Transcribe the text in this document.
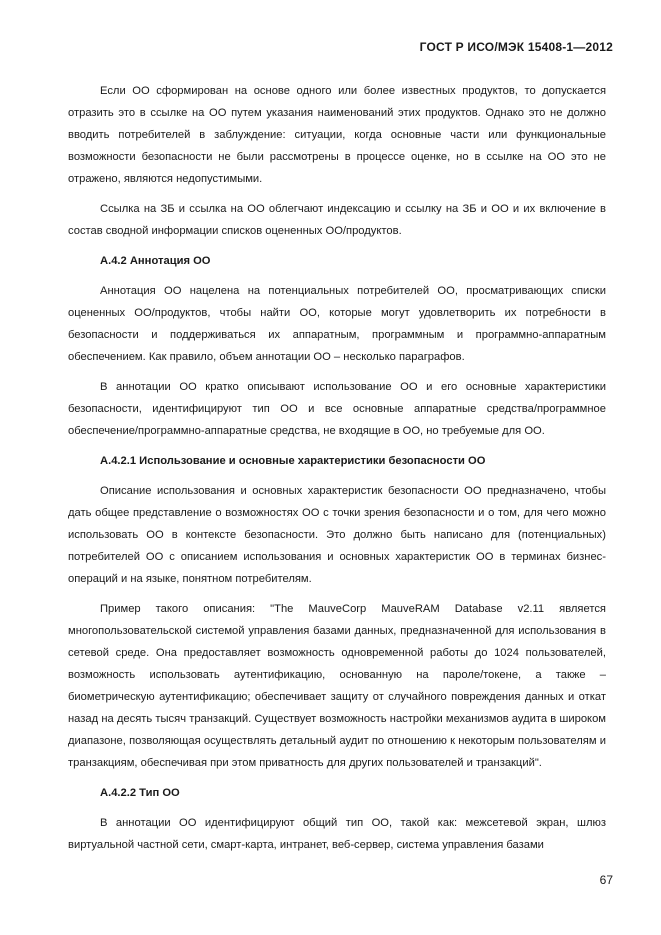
ГОСТ Р ИСО/МЭК 15408-1—2012

Если ОО сформирован на основе одного или более известных продуктов, то допускается отразить это в ссылке на ОО путем указания наименований этих продуктов. Однако это не должно вводить потребителей в заблуждение: ситуации, когда основные части или функциональные возможности безопасности не были рассмотрены в процессе оценке, но в ссылке на ОО это не отражено, являются недопустимыми.

Ссылка на ЗБ и ссылка на ОО облегчают индексацию и ссылку на ЗБ и ОО и их включение в состав сводной информации списков оцененных ОО/продуктов.

А.4.2 Аннотация ОО

Аннотация ОО нацелена на потенциальных потребителей ОО, просматривающих списки оцененных ОО/продуктов, чтобы найти ОО, которые могут удовлетворить их потребности в безопасности и поддерживаться их аппаратным, программным и программно-аппаратным обеспечением. Как правило, объем аннотации ОО – несколько параграфов.

В аннотации ОО кратко описывают использование ОО и его основные характеристики безопасности, идентифицируют тип ОО и все основные аппаратные средства/программное обеспечение/программно-аппаратные средства, не входящие в ОО, но требуемые для ОО.

А.4.2.1 Использование и основные характеристики безопасности ОО

Описание использования и основных характеристик безопасности ОО предназначено, чтобы дать общее представление о возможностях ОО с точки зрения безопасности и о том, для чего можно использовать ОО в контексте безопасности. Это должно быть написано для (потенциальных) потребителей ОО с описанием использования и основных характеристик ОО в терминах бизнес-операций и на языке, понятном потребителям.

Пример такого описания: "The MauveCorp MauveRAM Database v2.11 является многопользовательской системой управления базами данных, предназначенной для использования в сетевой среде. Она предоставляет возможность одновременной работы до 1024 пользователей, возможность использовать аутентификацию, основанную на пароле/токене, а также – биометрическую аутентификацию; обеспечивает защиту от случайного повреждения данных и откат назад на десять тысяч транзакций. Существует возможность настройки механизмов аудита в широком диапазоне, позволяющая осуществлять детальный аудит по отношению к некоторым пользователям и транзакциям, обеспечивая при этом приватность для других пользователей и транзакций".

А.4.2.2 Тип ОО

В аннотации ОО идентифицируют общий тип ОО, такой как: межсетевой экран, шлюз виртуальной частной сети, смарт-карта, интранет, веб-сервер, система управления базами

67
